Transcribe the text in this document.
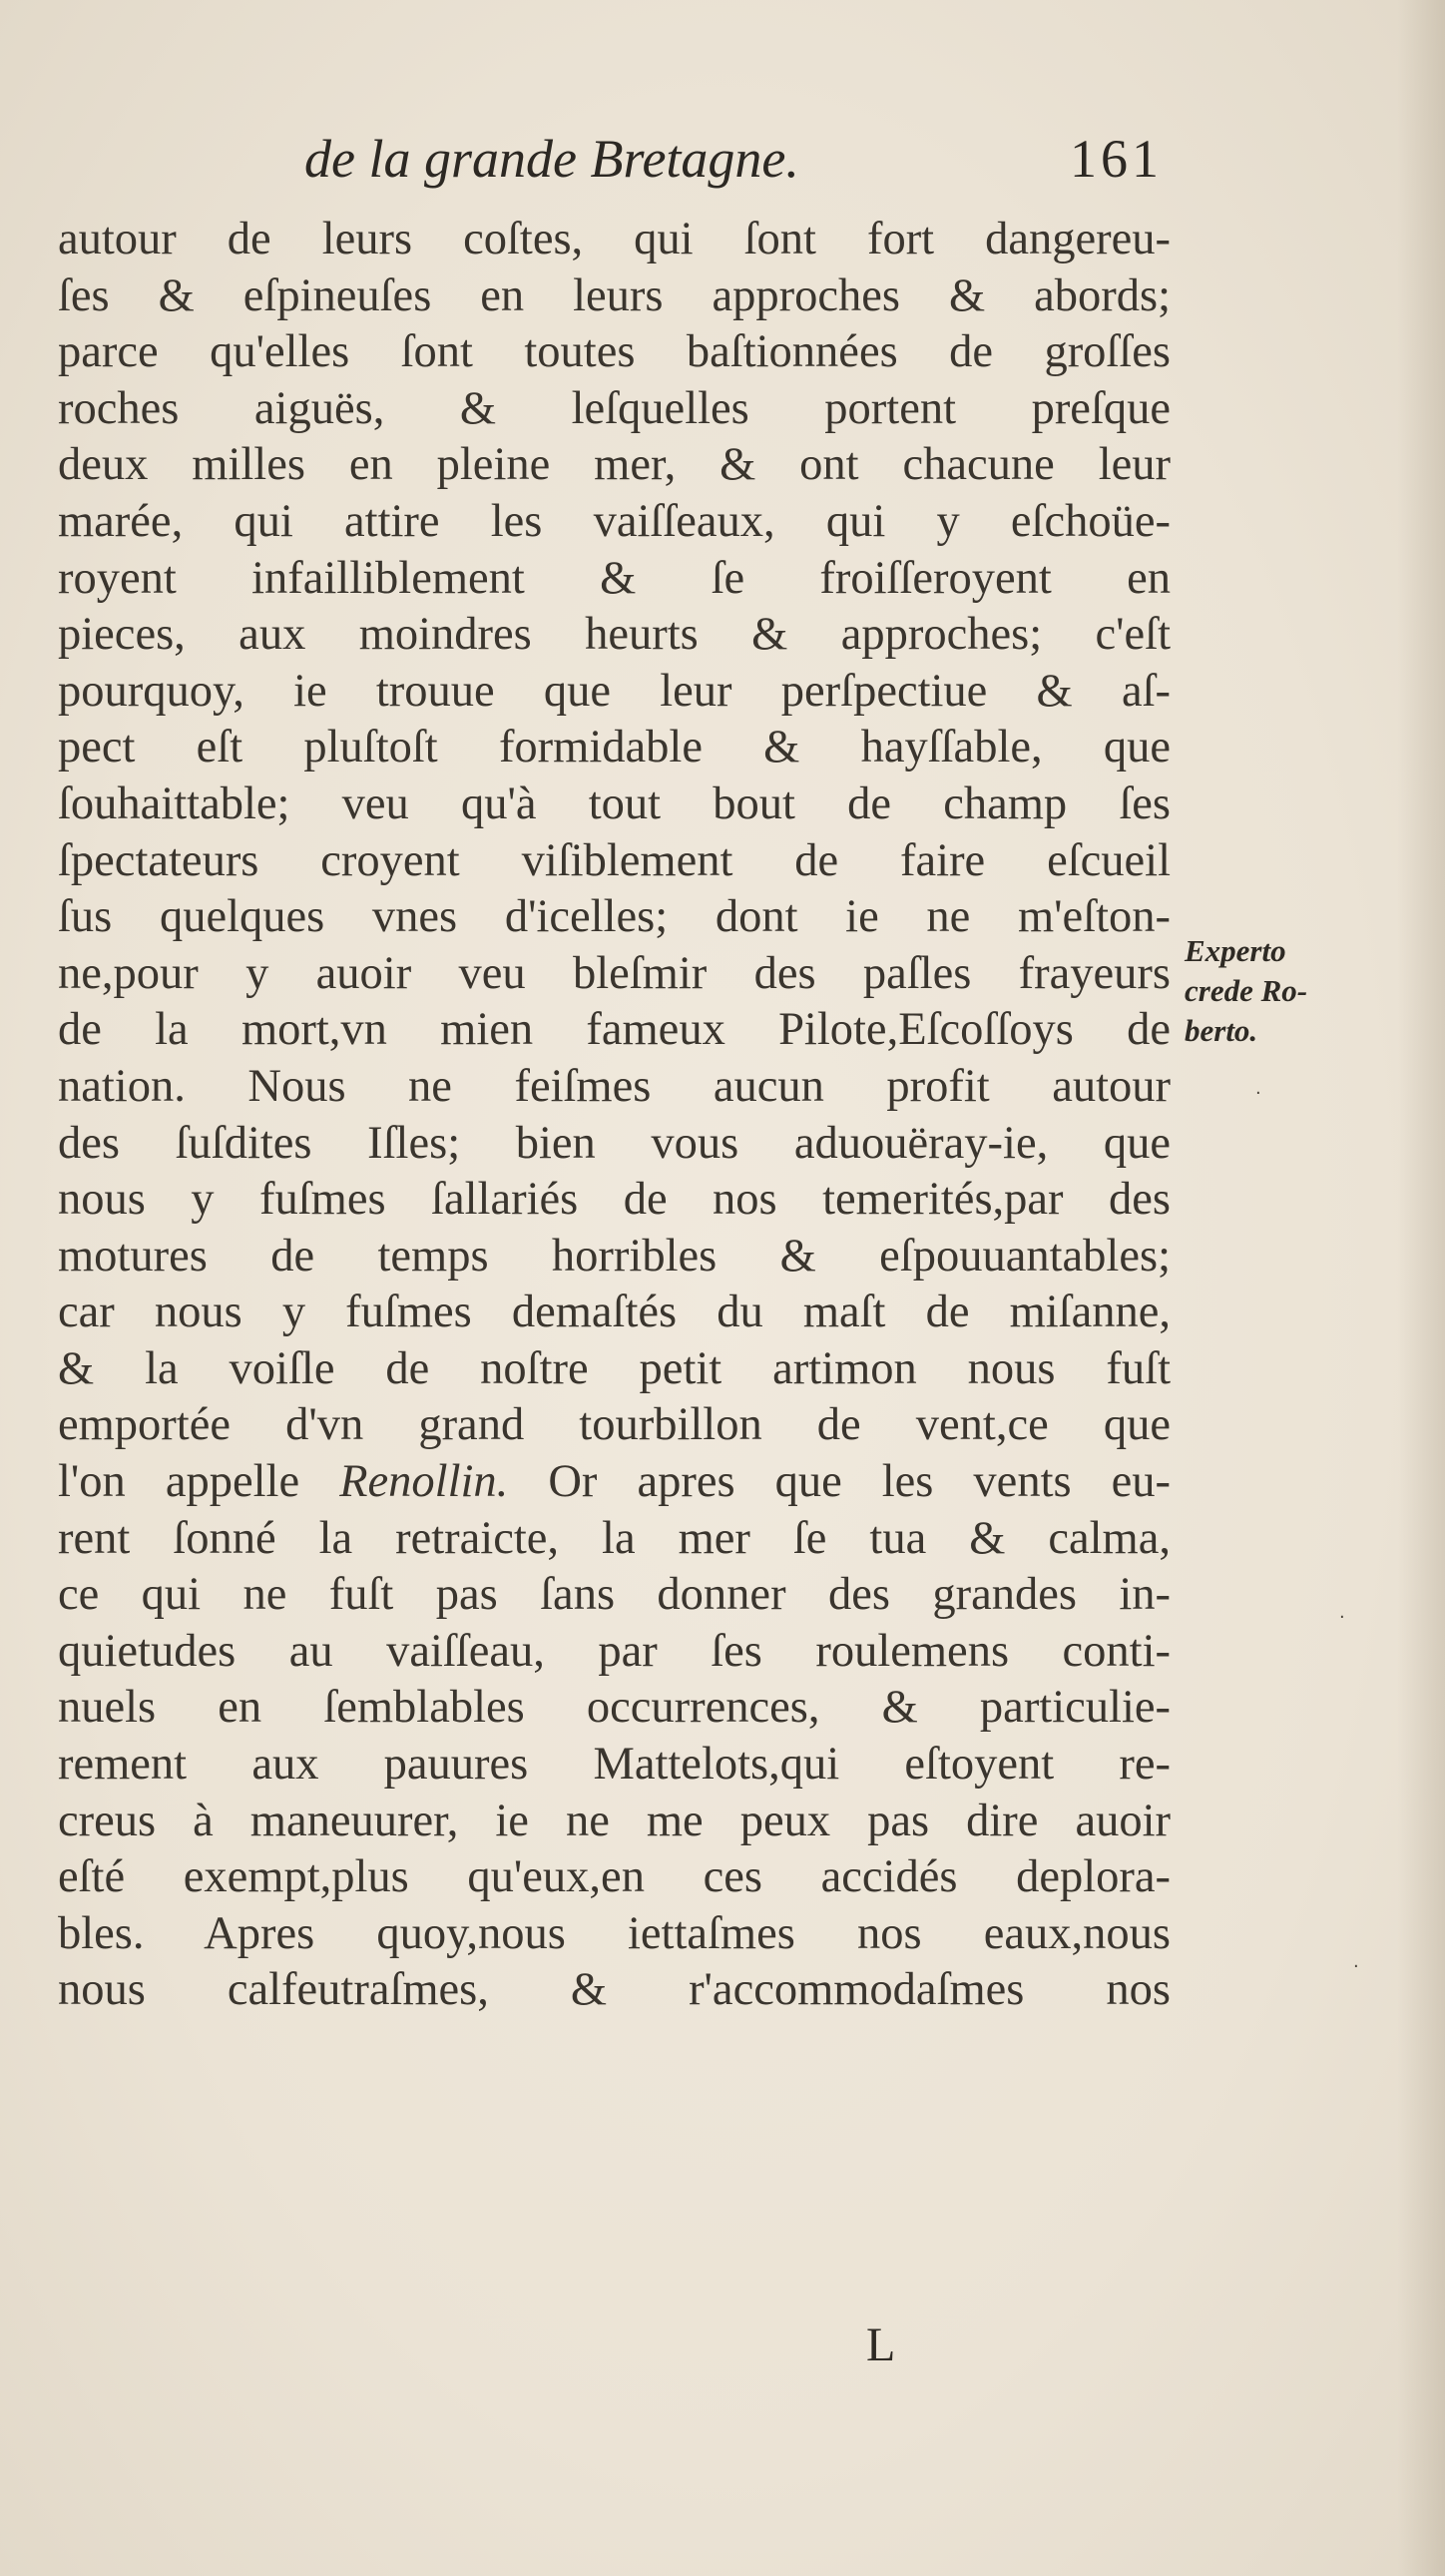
de la grande Bretagne.	161
autour de leurs coſtes, qui ſont fort dangereu-
ſes & eſpineuſes en leurs approches & abords;
parce qu'elles ſont toutes baſtionnées de groſſes
roches aiguës, & leſquelles portent preſque
deux milles en pleine mer, & ont chacune leur
marée, qui attire les vaiſſeaux, qui y eſchoüe-
royent infailliblement & ſe froiſſeroyent en
pieces, aux moindres heurts & approches; c'eſt
pourquoy, ie trouue que leur perſpectiue & aſ-
pect eſt pluſtoſt formidable & hayſſable, que
ſouhaittable; veu qu'à tout bout de champ ſes
ſpectateurs croyent viſiblement de faire eſcueil
ſus quelques vnes d'icelles; dont ie ne m'eſton-
ne,pour y auoir veu bleſmir des paſles frayeurs
de la mort,vn mien fameux Pilote,Eſcoſſoys de
nation. Nous ne feiſmes aucun profit autour
des ſuſdites Iſles; bien vous aduouëray-ie, que
nous y fuſmes ſallariés de nos temerités,par des
motures de temps horribles & eſpouuantables;
car nous y fuſmes demaſtés du maſt de miſanne,
& la voiſle de noſtre petit artimon nous fuſt
emportée d'vn grand tourbillon de vent,ce que
l'on appelle Renollin. Or apres que les vents eu-
rent ſonné la retraicte, la mer ſe tua & calma,
ce qui ne fuſt pas ſans donner des grandes in-
quietudes au vaiſſeau, par ſes roulemens conti-
nuels en ſemblables occurrences, & particulie-
rement aux pauures Mattelots,qui eſtoyent re-
creus à maneuurer, ie ne me peux pas dire auoir
eſté exempt,plus qu'eux,en ces accidés deplora-
bles. Apres quoy,nous iettaſmes nos eaux,nous
nous calfeutraſmes, & r'accommodaſmes nos
Experto
crede Ro-
berto.
L
·
·
·
